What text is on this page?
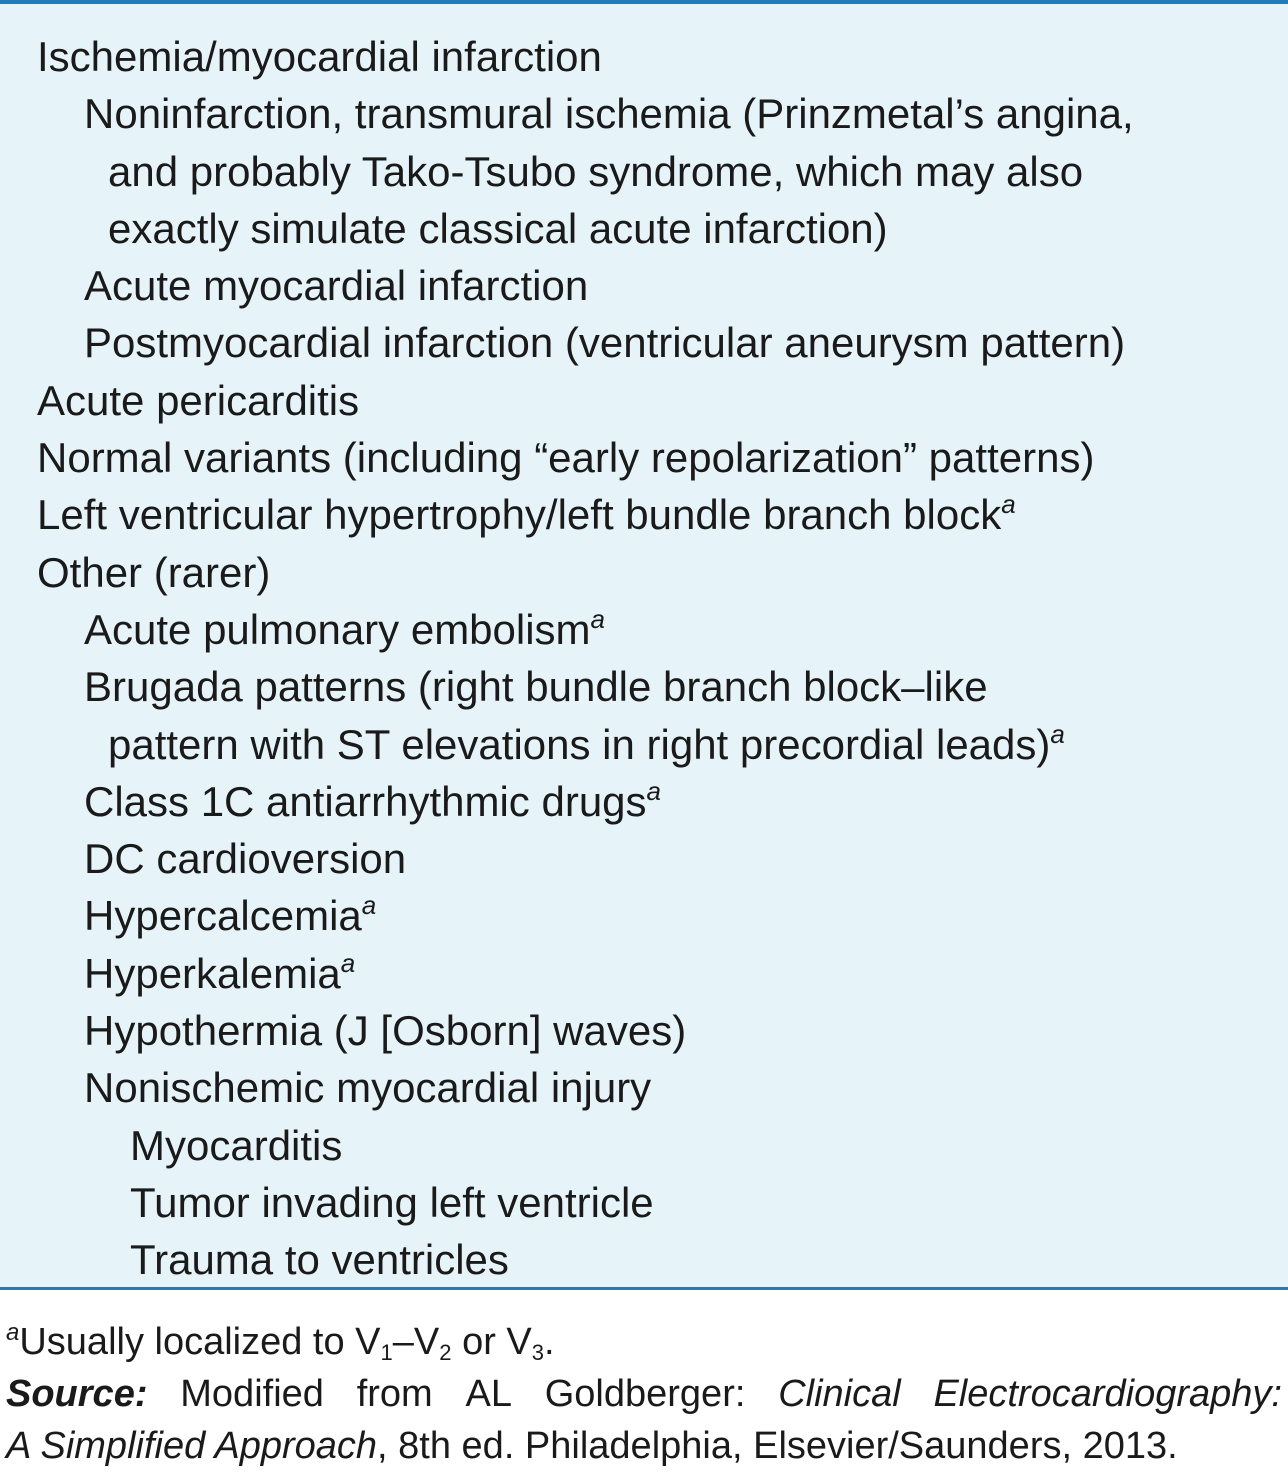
Ischemia/myocardial infarction
Noninfarction, transmural ischemia (Prinzmetal’s angina,
and probably Tako-Tsubo syndrome, which may also
exactly simulate classical acute infarction)
Acute myocardial infarction
Postmyocardial infarction (ventricular aneurysm pattern)
Acute pericarditis
Normal variants (including “early repolarization” patterns)
Left ventricular hypertrophy/left bundle branch block$^a$
Other (rarer)
Acute pulmonary embolism$^a$
Brugada patterns (right bundle branch block–like
pattern with ST elevations in right precordial leads)$^a$
Class 1C antiarrhythmic drugs$^a$
DC cardioversion
Hypercalcemia$^a$
Hyperkalemia$^a$
Hypothermia (J [Osborn] waves)
Nonischemic myocardial injury
Myocarditis
Tumor invading left ventricle
Trauma to ventricles
$^a$Usually localized to $V_1-V_2$ or $V_3$.
Source: Modified from AL Goldberger: Clinical Electrocardiography:
A Simplified Approach, 8th ed. Philadelphia, Elsevier/Saunders, 2013.
